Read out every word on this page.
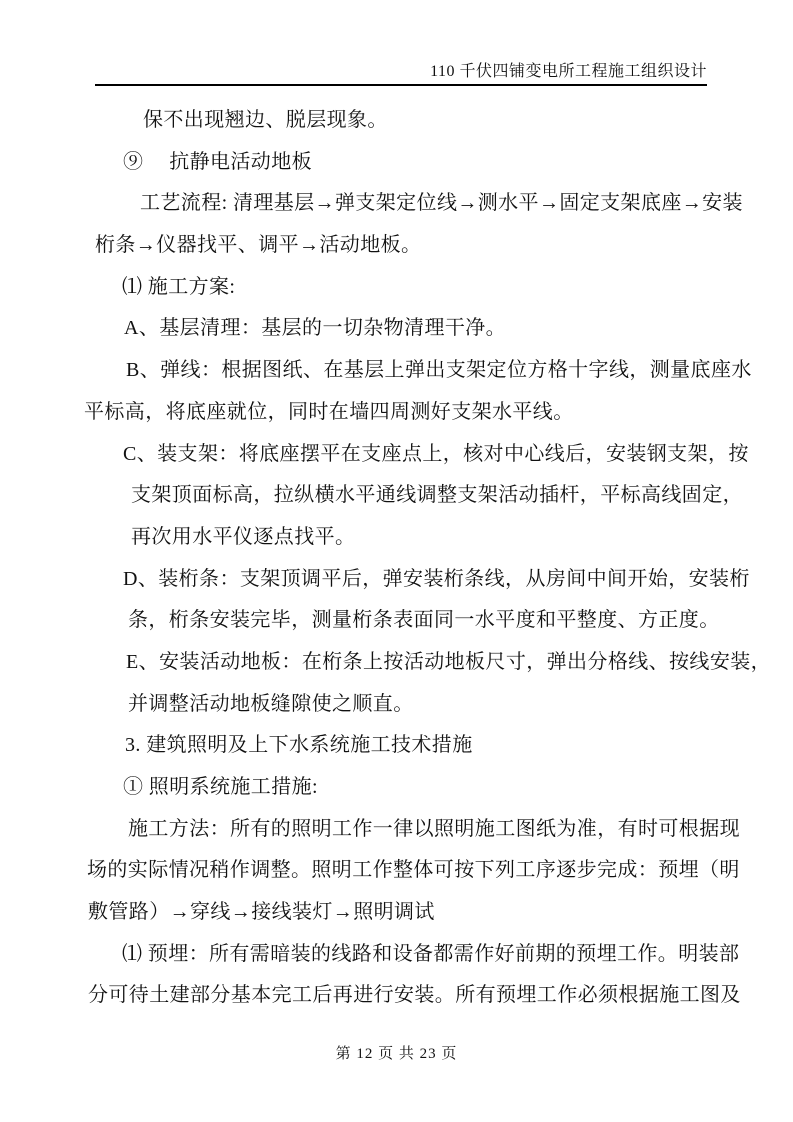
110 千伏四铺变电所工程施工组织设计
保不出现翘边、脱层现象。
⑨　 抗静电活动地板
工艺流程: 清理基层→弹支架定位线→测水平→固定支架底座→安装
桁条→仪器找平、调平→活动地板。
⑴ 施工方案:
A、基层清理：基层的一切杂物清理干净。
B、弹线：根据图纸、在基层上弹出支架定位方格十字线，测量底座水
平标高，将底座就位，同时在墙四周测好支架水平线。
C、装支架：将底座摆平在支座点上，核对中心线后，安装钢支架，按
支架顶面标高，拉纵横水平通线调整支架活动插杆，平标高线固定，
再次用水平仪逐点找平。
D、装桁条：支架顶调平后，弹安装桁条线，从房间中间开始，安装桁
条，桁条安装完毕，测量桁条表面同一水平度和平整度、方正度。
E、安装活动地板：在桁条上按活动地板尺寸，弹出分格线、按线安装，
并调整活动地板缝隙使之顺直。
3. 建筑照明及上下水系统施工技术措施
① 照明系统施工措施:
施工方法：所有的照明工作一律以照明施工图纸为准，有时可根据现
场的实际情况稍作调整。照明工作整体可按下列工序逐步完成：预埋（明
敷管路）→穿线→接线装灯→照明调试
⑴ 预埋：所有需暗装的线路和设备都需作好前期的预埋工作。明装部
分可待土建部分基本完工后再进行安装。所有预埋工作必须根据施工图及
第 12 页 共 23 页
